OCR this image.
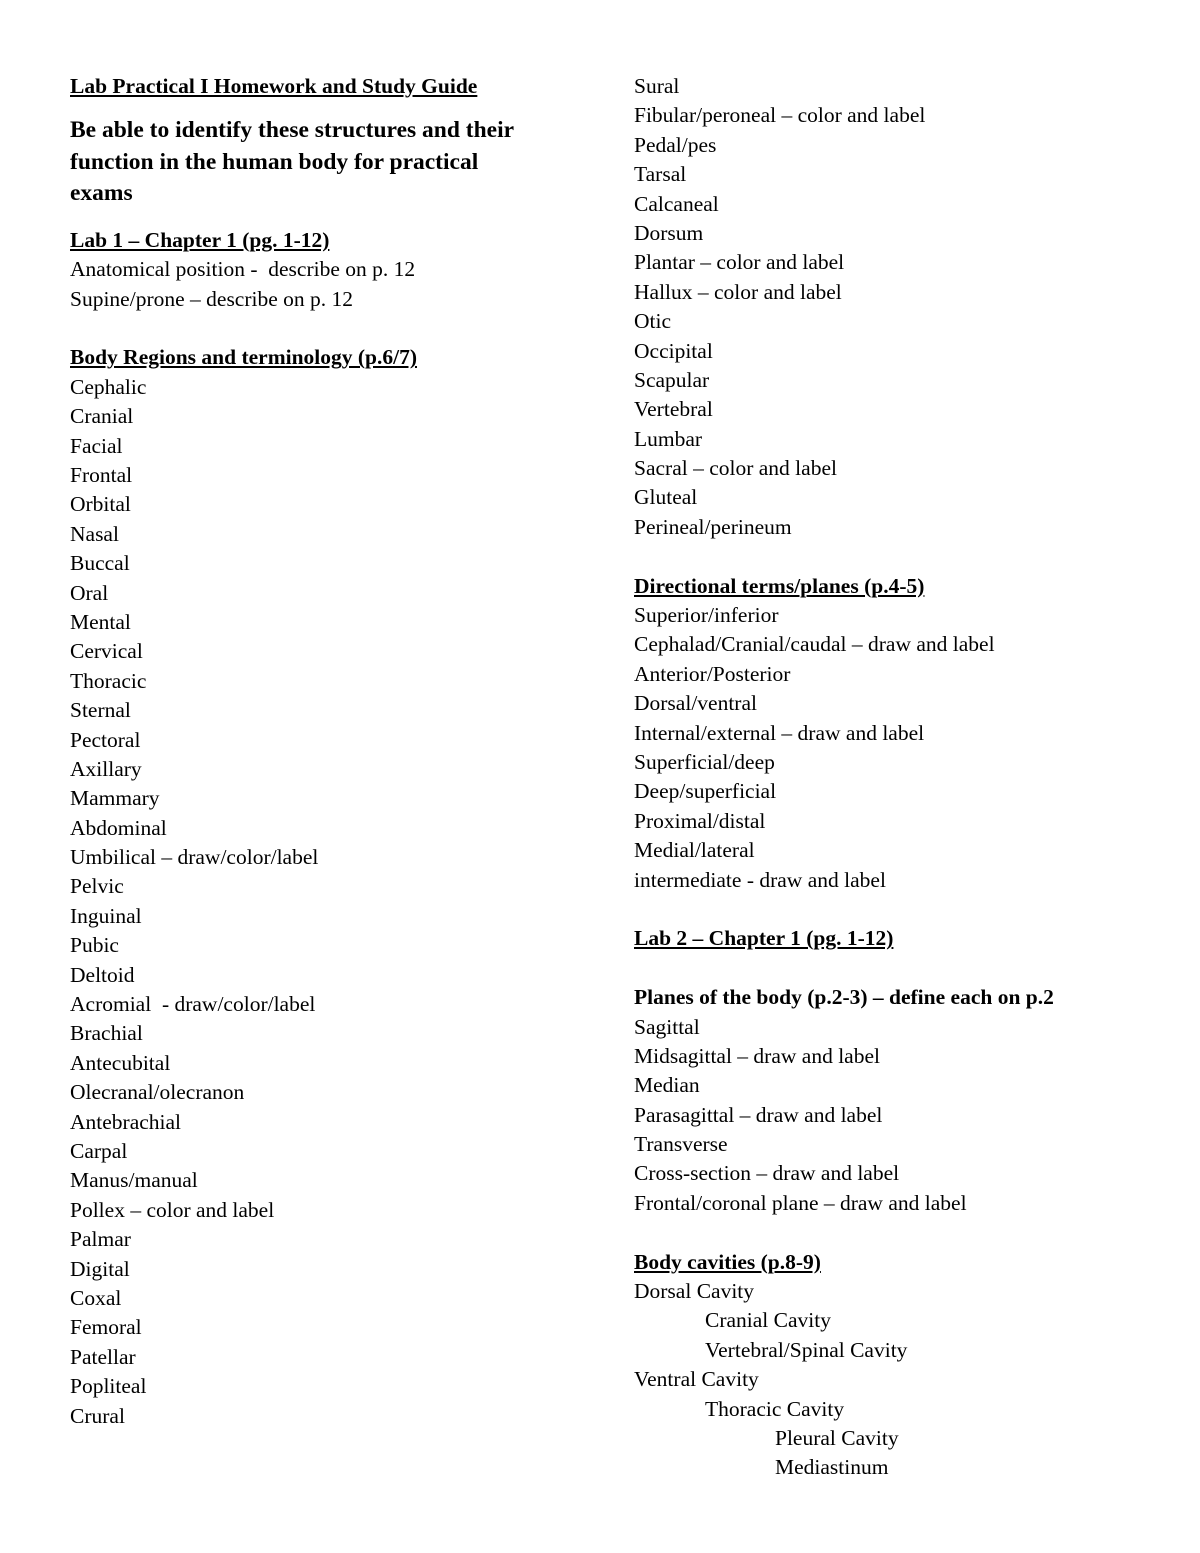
Lab Practical I Homework and Study Guide
Be able to identify these structures and their function in the human body for practical exams
Lab 1 – Chapter 1 (pg. 1-12)
Anatomical position -  describe on p. 12
Supine/prone – describe on p. 12
Body Regions and terminology (p.6/7)
Cephalic
Cranial
Facial
Frontal
Orbital
Nasal
Buccal
Oral
Mental
Cervical
Thoracic
Sternal
Pectoral
Axillary
Mammary
Abdominal
Umbilical – draw/color/label
Pelvic
Inguinal
Pubic
Deltoid
Acromial  - draw/color/label
Brachial
Antecubital
Olecranal/olecranon
Antebrachial
Carpal
Manus/manual
Pollex – color and label
Palmar
Digital
Coxal
Femoral
Patellar
Popliteal
Crural
Sural
Fibular/peroneal – color and label
Pedal/pes
Tarsal
Calcaneal
Dorsum
Plantar – color and label
Hallux – color and label
Otic
Occipital
Scapular
Vertebral
Lumbar
Sacral – color and label
Gluteal
Perineal/perineum
Directional terms/planes (p.4-5)
Superior/inferior
Cephalad/Cranial/caudal – draw and label
Anterior/Posterior
Dorsal/ventral
Internal/external – draw and label
Superficial/deep
Deep/superficial
Proximal/distal
Medial/lateral
intermediate - draw and label
Lab 2 – Chapter 1 (pg. 1-12)
Planes of the body (p.2-3) – define each on p.2
Sagittal
Midsagittal – draw and label
Median
Parasagittal – draw and label
Transverse
Cross-section – draw and label
Frontal/coronal plane – draw and label
Body cavities (p.8-9)
Dorsal Cavity
Cranial Cavity
Vertebral/Spinal Cavity
Ventral Cavity
Thoracic Cavity
Pleural Cavity
Mediastinum
